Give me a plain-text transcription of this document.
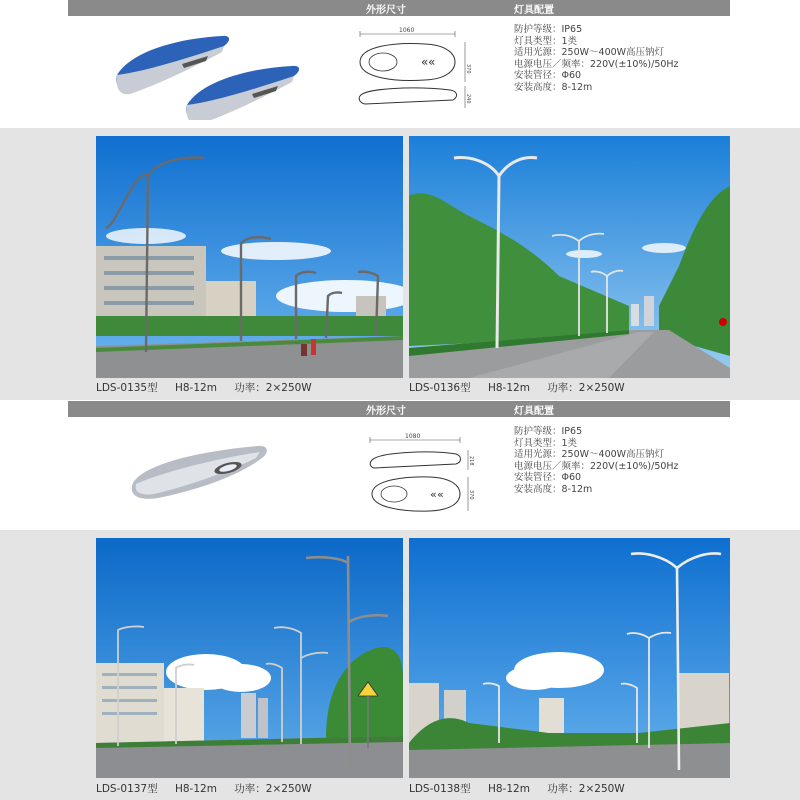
外形尺寸	灯具配置
1060
« «	370
240
防护等级：IP65
灯具类型：1类
适用光源：250W～400W高压钠灯
电源电压／频率：220V(±10%)/50Hz
安装管径：Φ60
安装高度：8-12m
LDS-0135型 H8-12m 功率：2×250W	LDS-0136型 H8-12m 功率：2×250W
外形尺寸	灯具配置
1080
218
« «	370
防护等级：IP65
灯具类型：1类
适用光源：250W～400W高压钠灯
电源电压／频率：220V(±10%)/50Hz
安装管径：Φ60
安装高度：8-12m
LDS-0137型 H8-12m 功率：2×250W	LDS-0138型 H8-12m 功率：2×250W
